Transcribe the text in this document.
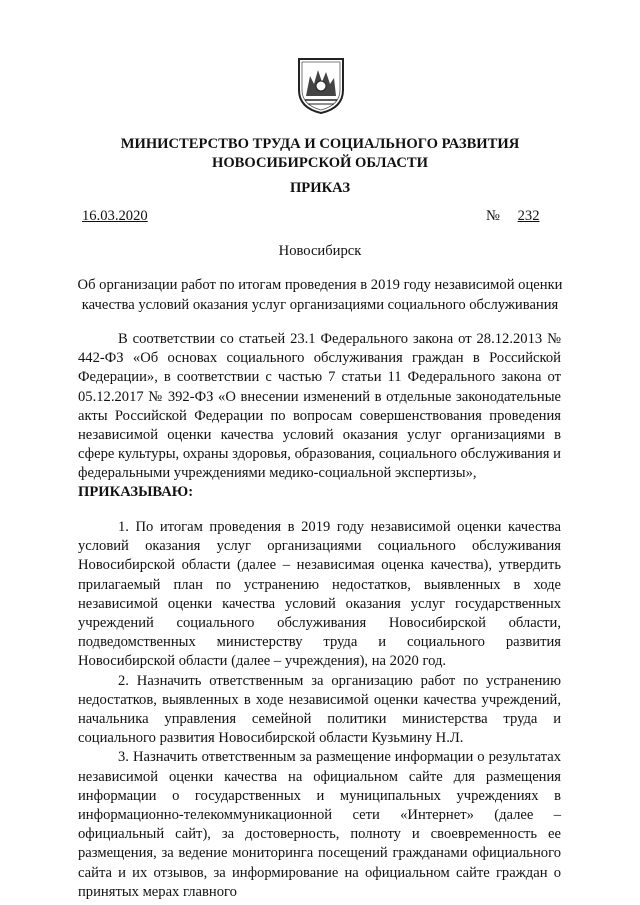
МИНИСТЕРСТВО ТРУДА И СОЦИАЛЬНОГО РАЗВИТИЯ
НОВОСИБИРСКОЙ ОБЛАСТИ
ПРИКАЗ
16.03.2020	№ 232
Новосибирск
Об организации работ по итогам проведения в 2019 году независимой оценки
качества условий оказания услуг организациями социального обслуживания
В соответствии со статьей 23.1 Федерального закона от 28.12.2013 № 442-ФЗ «Об основах социального обслуживания граждан в Российской Федерации», в соответствии с частью 7 статьи 11 Федерального закона от 05.12.2017 № 392-ФЗ «О внесении изменений в отдельные законодательные акты Российской Федерации по вопросам совершенствования проведения независимой оценки качества условий оказания услуг организациями в сфере культуры, охраны здоровья, образования, социального обслуживания и федеральными учреждениями медико-социальной экспертизы»,
ПРИКАЗЫВАЮ:

1. По итогам проведения в 2019 году независимой оценки качества условий оказания услуг организациями социального обслуживания Новосибирской области (далее – независимая оценка качества), утвердить прилагаемый план по устранению недостатков, выявленных в ходе независимой оценки качества условий оказания услуг государственных учреждений социального обслуживания Новосибирской области, подведомственных министерству труда и социального развития Новосибирской области (далее – учреждения), на 2020 год.

2. Назначить ответственным за организацию работ по устранению недостатков, выявленных в ходе независимой оценки качества учреждений, начальника управления семейной политики министерства труда и социального развития Новосибирской области Кузьмину Н.Л.

3. Назначить ответственным за размещение информации о результатах независимой оценки качества на официальном сайте для размещения информации о государственных и муниципальных учреждениях в информационно-телекоммуникационной сети «Интернет» (далее – официальный сайт), за достоверность, полноту и своевременность ее размещения, за ведение мониторинга посещений гражданами официального сайта и их отзывов, за информирование на официальном сайте граждан о принятых мерах главного
